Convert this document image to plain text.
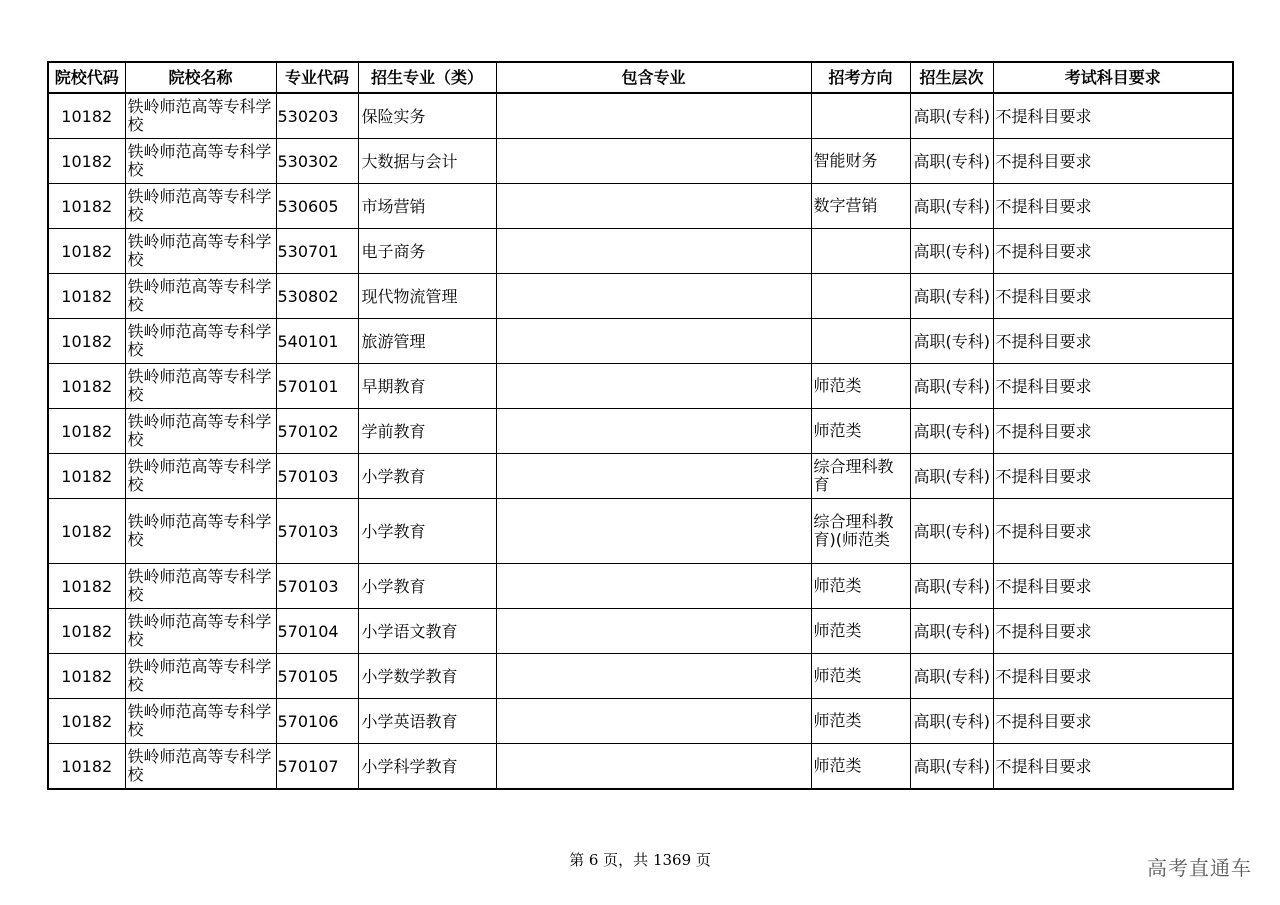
院校代码	院校名称	专业代码	招生专业（类）	包含专业	招考方向	招生层次	考试科目要求
10182	铁岭师范高等专科学校	530203	保险实务			高职(专科)	不提科目要求
10182	铁岭师范高等专科学校	530302	大数据与会计		智能财务	高职(专科)	不提科目要求
10182	铁岭师范高等专科学校	530605	市场营销		数字营销	高职(专科)	不提科目要求
10182	铁岭师范高等专科学校	530701	电子商务			高职(专科)	不提科目要求
10182	铁岭师范高等专科学校	530802	现代物流管理			高职(专科)	不提科目要求
10182	铁岭师范高等专科学校	540101	旅游管理			高职(专科)	不提科目要求
10182	铁岭师范高等专科学校	570101	早期教育		师范类	高职(专科)	不提科目要求
10182	铁岭师范高等专科学校	570102	学前教育		师范类	高职(专科)	不提科目要求
10182	铁岭师范高等专科学校	570103	小学教育		综合理科教育	高职(专科)	不提科目要求
10182	铁岭师范高等专科学校	570103	小学教育		综合理科教育)(师范类	高职(专科)	不提科目要求
10182	铁岭师范高等专科学校	570103	小学教育		师范类	高职(专科)	不提科目要求
10182	铁岭师范高等专科学校	570104	小学语文教育		师范类	高职(专科)	不提科目要求
10182	铁岭师范高等专科学校	570105	小学数学教育		师范类	高职(专科)	不提科目要求
10182	铁岭师范高等专科学校	570106	小学英语教育		师范类	高职(专科)	不提科目要求
10182	铁岭师范高等专科学校	570107	小学科学教育		师范类	高职(专科)	不提科目要求
第 6 页，共 1369 页	高考直通车
